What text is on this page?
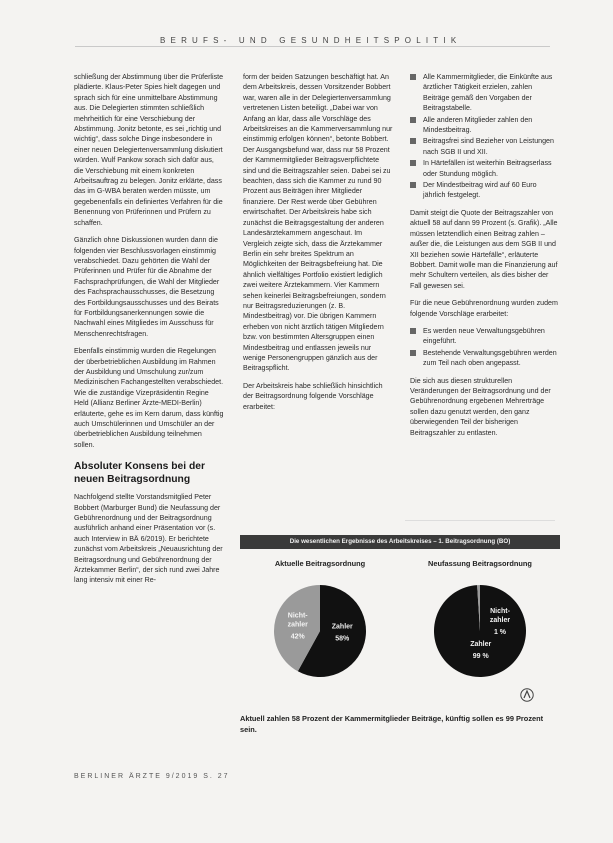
BERUFS- UND GESUNDHEITSPOLITIK

schließung der Abstimmung über die Prüferliste plädierte. Klaus-Peter Spies hielt dagegen und sprach sich für eine unmittelbare Abstimmung aus. Die Delegierten stimmten schließlich mehrheitlich für eine Verschiebung der Abstimmung. Jonitz betonte, es sei „richtig und wichtig“, dass solche Dinge insbesondere in einer neuen Delegiertenversammlung diskutiert würden. Wulf Pankow sorach sich dafür aus, die Verschiebung mit einem konkreten Arbeitsauftrag zu belegen. Jonitz erklärte, dass das im G-WBA beraten werden müsste, um gegebenenfalls ein definiertes Verfahren für die Benennung von Prüferinnen und Prüfern zu schaffen.

Gänzlich ohne Diskussionen wurden dann die folgenden vier Beschlussvorlagen einstimmig verabschiedet. Dazu gehörten die Wahl der Prüferinnen und Prüfer für die Abnahme der Fachsprachprüfungen, die Wahl der Mitglieder des Fachsprachausschusses, die Besetzung des Fortbildungsausschusses und des Beirats für Fortbildungsanerkennungen sowie die Nachwahl eines Mitgliedes im Ausschuss für Menschenrechtsfragen.

Ebenfalls einstimmig wurden die Regelungen der überbetrieblichen Ausbildung im Rahmen der Ausbildung und Umschulung zur/zum Medizinischen Fachangestellten verabschiedet. Wie die zuständige Vizepräsidentin Regine Held (Allianz Berliner Ärzte-MEDI-Berlin) erläuterte, gehe es im Kern darum, dass künftig auch Umschülerinnen und Umschüler an der überbetrieblichen Ausbildung teilnehmen sollen.

Absoluter Konsens bei der neuen Beitragsordnung

Nachfolgend stellte Vorstandsmitglied Peter Bobbert (Marburger Bund) die Neufassung der Gebührenordnung und der Beitragsordnung ausführlich anhand einer Präsentation vor (s. auch Interview in BÄ 6/2019). Er berichtete zunächst vom Arbeitskreis „Neuausrichtung der Beitragsordnung und Gebührenordnung der Ärztekammer Berlin“, der sich rund zwei Jahre lang intensiv mit einer Re-

form der beiden Satzungen beschäftigt hat. An dem Arbeitskreis, dessen Vorsitzender Bobbert war, waren alle in der Delegiertenversammlung vertretenen Listen beteiligt. „Dabei war von Anfang an klar, dass alle Vorschläge des Arbeitskreises an die Kammerversammlung nur einstimmig erfolgen können“, betonte Bobbert. Der Ausgangsbefund war, dass nur 58 Prozent der Kammermitglieder Beitragsverpflichtete sind und die Beitragszahler seien. Dabei sei zu beachten, dass sich die Kammer zu rund 90 Prozent aus Beiträgen ihrer Mitglieder finanziere. Der Rest werde über Gebühren erwirtschaftet. Der Arbeitskreis habe sich zunächst die Beitragsgestaltung der anderen Landesärztekammern angeschaut. Im Vergleich zeigte sich, dass die Ärztekammer Berlin ein sehr breites Spektrum an Möglichkeiten der Beitragsbefreiung hat. Die ähnlich vielfältiges Portfolio existiert lediglich zwei weitere Ärztekammern. Vier Kammern sehen keinerlei Beitragsbefreiungen, sondern nur Beitragsreduzierungen (z. B. Mindestbeitrag) vor. Die übrigen Kammern erheben von nicht ärztlich tätigen Mitgliedern bzw. von bestimmten Altersgruppen einen Mindestbeitrag und entlassen jeweils nur wenige Personengruppen gänzlich aus der Beitragspflicht.

Der Arbeitskreis habe schließlich hinsichtlich der Beitragsordnung folgende Vorschläge erarbeitet:

Alle Kammermitglieder, die Einkünfte aus ärztlicher Tätigkeit erzielen, zahlen Beiträge gemäß den Vorgaben der Beitragstabelle.
Alle anderen Mitglieder zahlen den Mindestbeitrag.
Beitragsfrei sind Bezieher von Leistungen nach SGB II und XII.
In Härtefällen ist weiterhin Beitragserlass oder Stundung möglich.
Der Mindestbeitrag wird auf 60 Euro jährlich festgelegt.

Damit steigt die Quote der Beitragszahler von aktuell 58 auf dann 99 Prozent (s. Grafik). „Alle müssen letztendlich einen Beitrag zahlen – außer die, die Leistungen aus dem SGB II und XII beziehen sowie Härtefälle“, erläuterte Bobbert. Damit wolle man die Finanzierung auf mehr Schultern verteilen, als dies bisher der Fall gewesen sei.

Für die neue Gebührenordnung wurden zudem folgende Vorschläge erarbeitet:

Es werden neue Verwaltungsgebühren eingeführt.
Bestehende Verwaltungsgebühren werden zum Teil nach oben angepasst.

Die sich aus diesen strukturellen Veränderungen der Beitragsordnung und der Gebührenordnung ergebenen Mehrerträge sollen dazu genutzt werden, den ganz überwiegenden Teil der bisherigen Beitragszahler zu entlasten.

Die wesentlichen Ergebnisse des Arbeitskreises – 1. Beitragsordnung (BO)
Aktuelle Beitragsordnung	Neufassung Beitragsordnung
Zahler
58%
Nicht-
zahler
42%
Zahler
99 %
Nicht-
zahler
1 %
Aktuell zahlen 58 Prozent der Kammermitglieder Beiträge, künftig sollen es 99 Prozent sein.
BERLINER ÄRZTE 9/2019 S. 27
